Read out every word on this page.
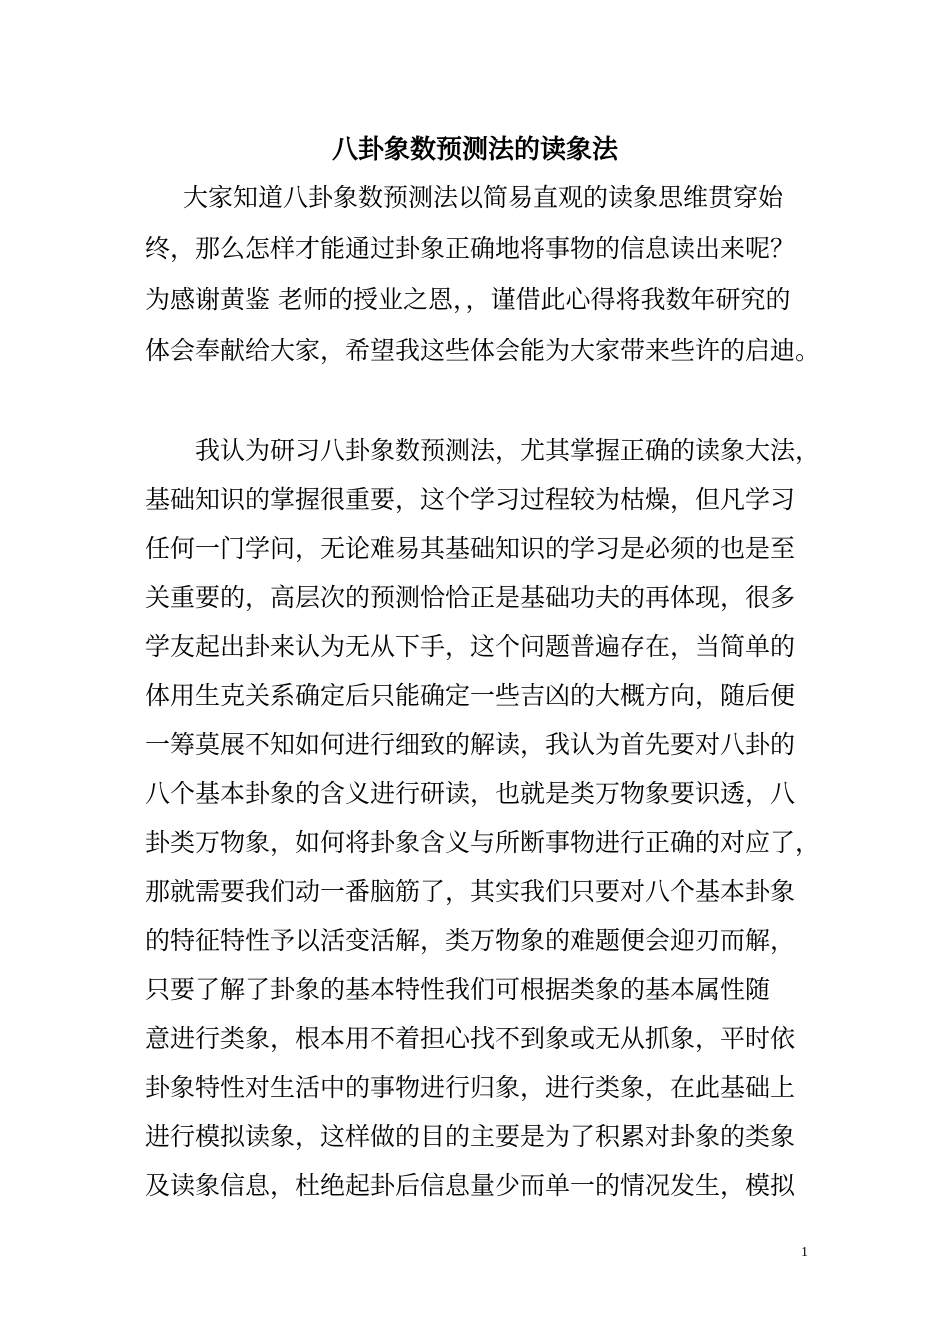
八卦象数预测法的读象法
大家知道八卦象数预测法以简易直观的读象思维贯穿始
终，那么怎样才能通过卦象正确地将事物的信息读出来呢？
为感谢黄鉴 老师的授业之恩，，谨借此心得将我数年研究的
体会奉献给大家，希望我这些体会能为大家带来些许的启迪。
我认为研习八卦象数预测法，尤其掌握正确的读象大法，
基础知识的掌握很重要，这个学习过程较为枯燥，但凡学习
任何一门学问，无论难易其基础知识的学习是必须的也是至
关重要的，高层次的预测恰恰正是基础功夫的再体现，很多
学友起出卦来认为无从下手，这个问题普遍存在，当简单的
体用生克关系确定后只能确定一些吉凶的大概方向，随后便
一筹莫展不知如何进行细致的解读，我认为首先要对八卦的
八个基本卦象的含义进行研读，也就是类万物象要识透，八
卦类万物象，如何将卦象含义与所断事物进行正确的对应了，
那就需要我们动一番脑筋了，其实我们只要对八个基本卦象
的特征特性予以活变活解，类万物象的难题便会迎刃而解，
只要了解了卦象的基本特性我们可根据类象的基本属性随
意进行类象，根本用不着担心找不到象或无从抓象，平时依
卦象特性对生活中的事物进行归象，进行类象，在此基础上
进行模拟读象，这样做的目的主要是为了积累对卦象的类象
及读象信息，杜绝起卦后信息量少而单一的情况发生，模拟
1
